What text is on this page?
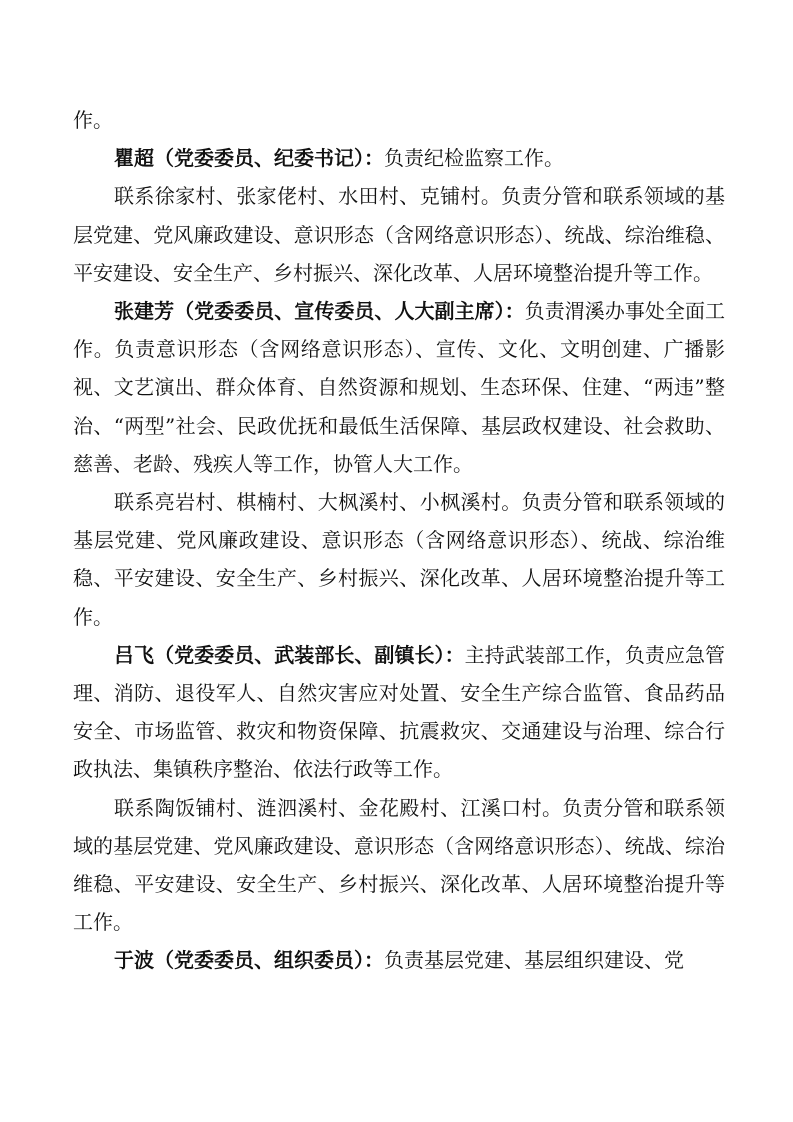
作。

瞿超（党委委员、纪委书记）：负责纪检监察工作。

联系徐家村、张家佬村、水田村、克铺村。负责分管和联系领域的基层党建、党风廉政建设、意识形态（含网络意识形态）、统战、综治维稳、平安建设、安全生产、乡村振兴、深化改革、人居环境整治提升等工作。

张建芳（党委委员、宣传委员、人大副主席）：负责渭溪办事处全面工作。负责意识形态（含网络意识形态）、宣传、文化、文明创建、广播影视、文艺演出、群众体育、自然资源和规划、生态环保、住建、“两违”整治、“两型”社会、民政优抚和最低生活保障、基层政权建设、社会救助、慈善、老龄、残疾人等工作，协管人大工作。

联系亮岩村、棋楠村、大枫溪村、小枫溪村。负责分管和联系领域的基层党建、党风廉政建设、意识形态（含网络意识形态）、统战、综治维稳、平安建设、安全生产、乡村振兴、深化改革、人居环境整治提升等工作。

吕飞（党委委员、武装部长、副镇长）：主持武装部工作，负责应急管理、消防、退役军人、自然灾害应对处置、安全生产综合监管、食品药品安全、市场监管、救灾和物资保障、抗震救灾、交通建设与治理、综合行政执法、集镇秩序整治、依法行政等工作。

联系陶饭铺村、涟泗溪村、金花殿村、江溪口村。负责分管和联系领域的基层党建、党风廉政建设、意识形态（含网络意识形态）、统战、综治维稳、平安建设、安全生产、乡村振兴、深化改革、人居环境整治提升等工作。

于波（党委委员、组织委员）：负责基层党建、基层组织建设、党
